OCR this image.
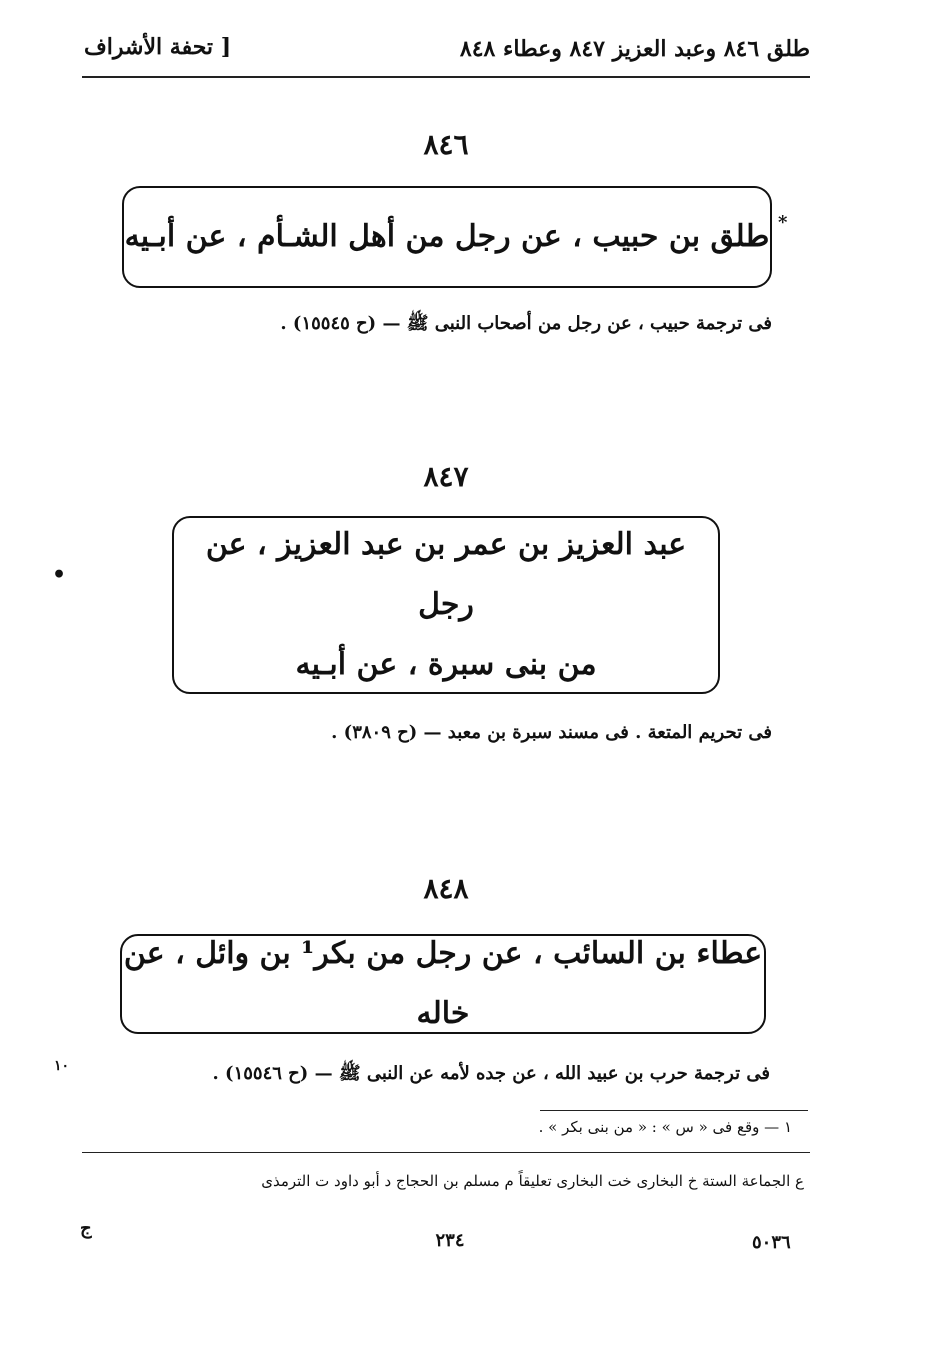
طلق ٨٤٦ وعبد العزيز ٨٤٧ وعطاء ٨٤٨
[ تحفة الأشراف
٨٤٦
طلق بن حبيب ، عن رجل من أهل الشـأم ، عن أبـيه *
فى ترجمة حبيب ، عن رجل من أصحاب النبى ﷺ — (ح ١٥٥٤٥) .
٨٤٧
عبد العزيز بن عمر بن عبد العزيز ، عن رجل
من بنى سبرة ، عن أبـيه
•
فى تحريم المتعة . فى مسند سبرة بن معبد — (ح ٣٨٠٩) .
٨٤٨
عطاء بن السائب ، عن رجل من بكر¹ بن وائل ، عن خاله
١٠	فى ترجمة حرب بن عبيد الله ، عن جده لأمه عن النبى ﷺ — (ح ١٥٥٤٦) .
١ — وقع فى « س » : « من بنى بكر » .
ع الجماعة الستة خ البخارى خت البخارى تعليقاً م مسلم بن الحجاج د أبو داود ت الترمذى
ج
٢٣٤	٥٠٣٦
